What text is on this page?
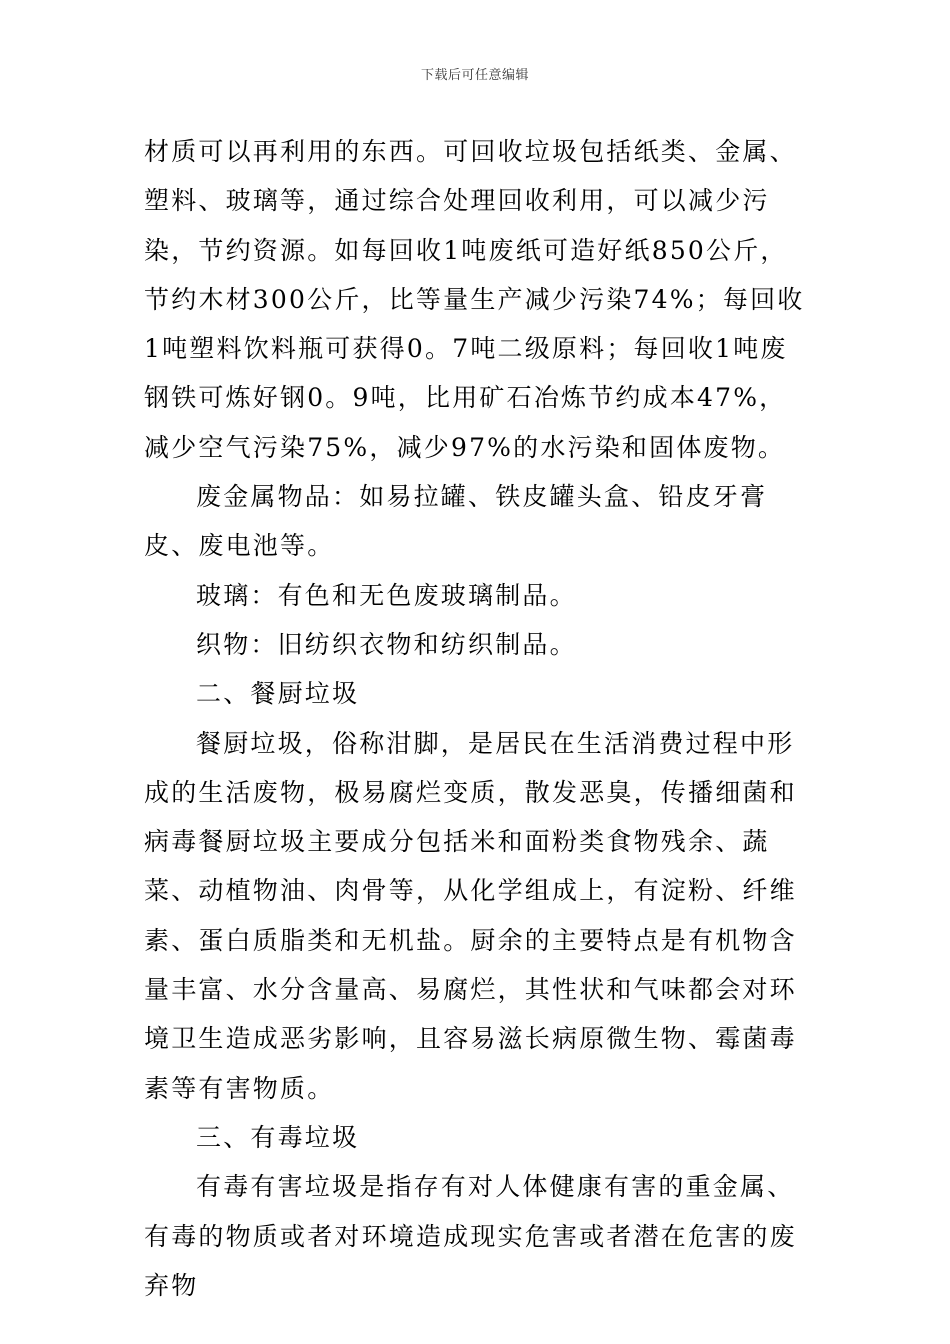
下载后可任意编辑

材质可以再利用的东西。可回收垃圾包括纸类、金属、塑料、玻璃等，通过综合处理回收利用，可以减少污染，节约资源。如每回收1吨废纸可造好纸850公斤，节约木材300公斤，比等量生产减少污染74%；每回收1吨塑料饮料瓶可获得0。7吨二级原料；每回收1吨废钢铁可炼好钢0。9吨，比用矿石冶炼节约成本47%，减少空气污染75%，减少97%的水污染和固体废物。

废金属物品：如易拉罐、铁皮罐头盒、铅皮牙膏皮、废电池等。

玻璃：有色和无色废玻璃制品。

织物：旧纺织衣物和纺织制品。

二、餐厨垃圾

餐厨垃圾，俗称泔脚，是居民在生活消费过程中形成的生活废物，极易腐烂变质，散发恶臭，传播细菌和病毒餐厨垃圾主要成分包括米和面粉类食物残余、蔬菜、动植物油、肉骨等，从化学组成上，有淀粉、纤维素、蛋白质脂类和无机盐。厨余的主要特点是有机物含量丰富、水分含量高、易腐烂，其性状和气味都会对环境卫生造成恶劣影响，且容易滋长病原微生物、霉菌毒素等有害物质。

三、有毒垃圾

有毒有害垃圾是指存有对人体健康有害的重金属、有毒的物质或者对环境造成现实危害或者潜在危害的废弃物
